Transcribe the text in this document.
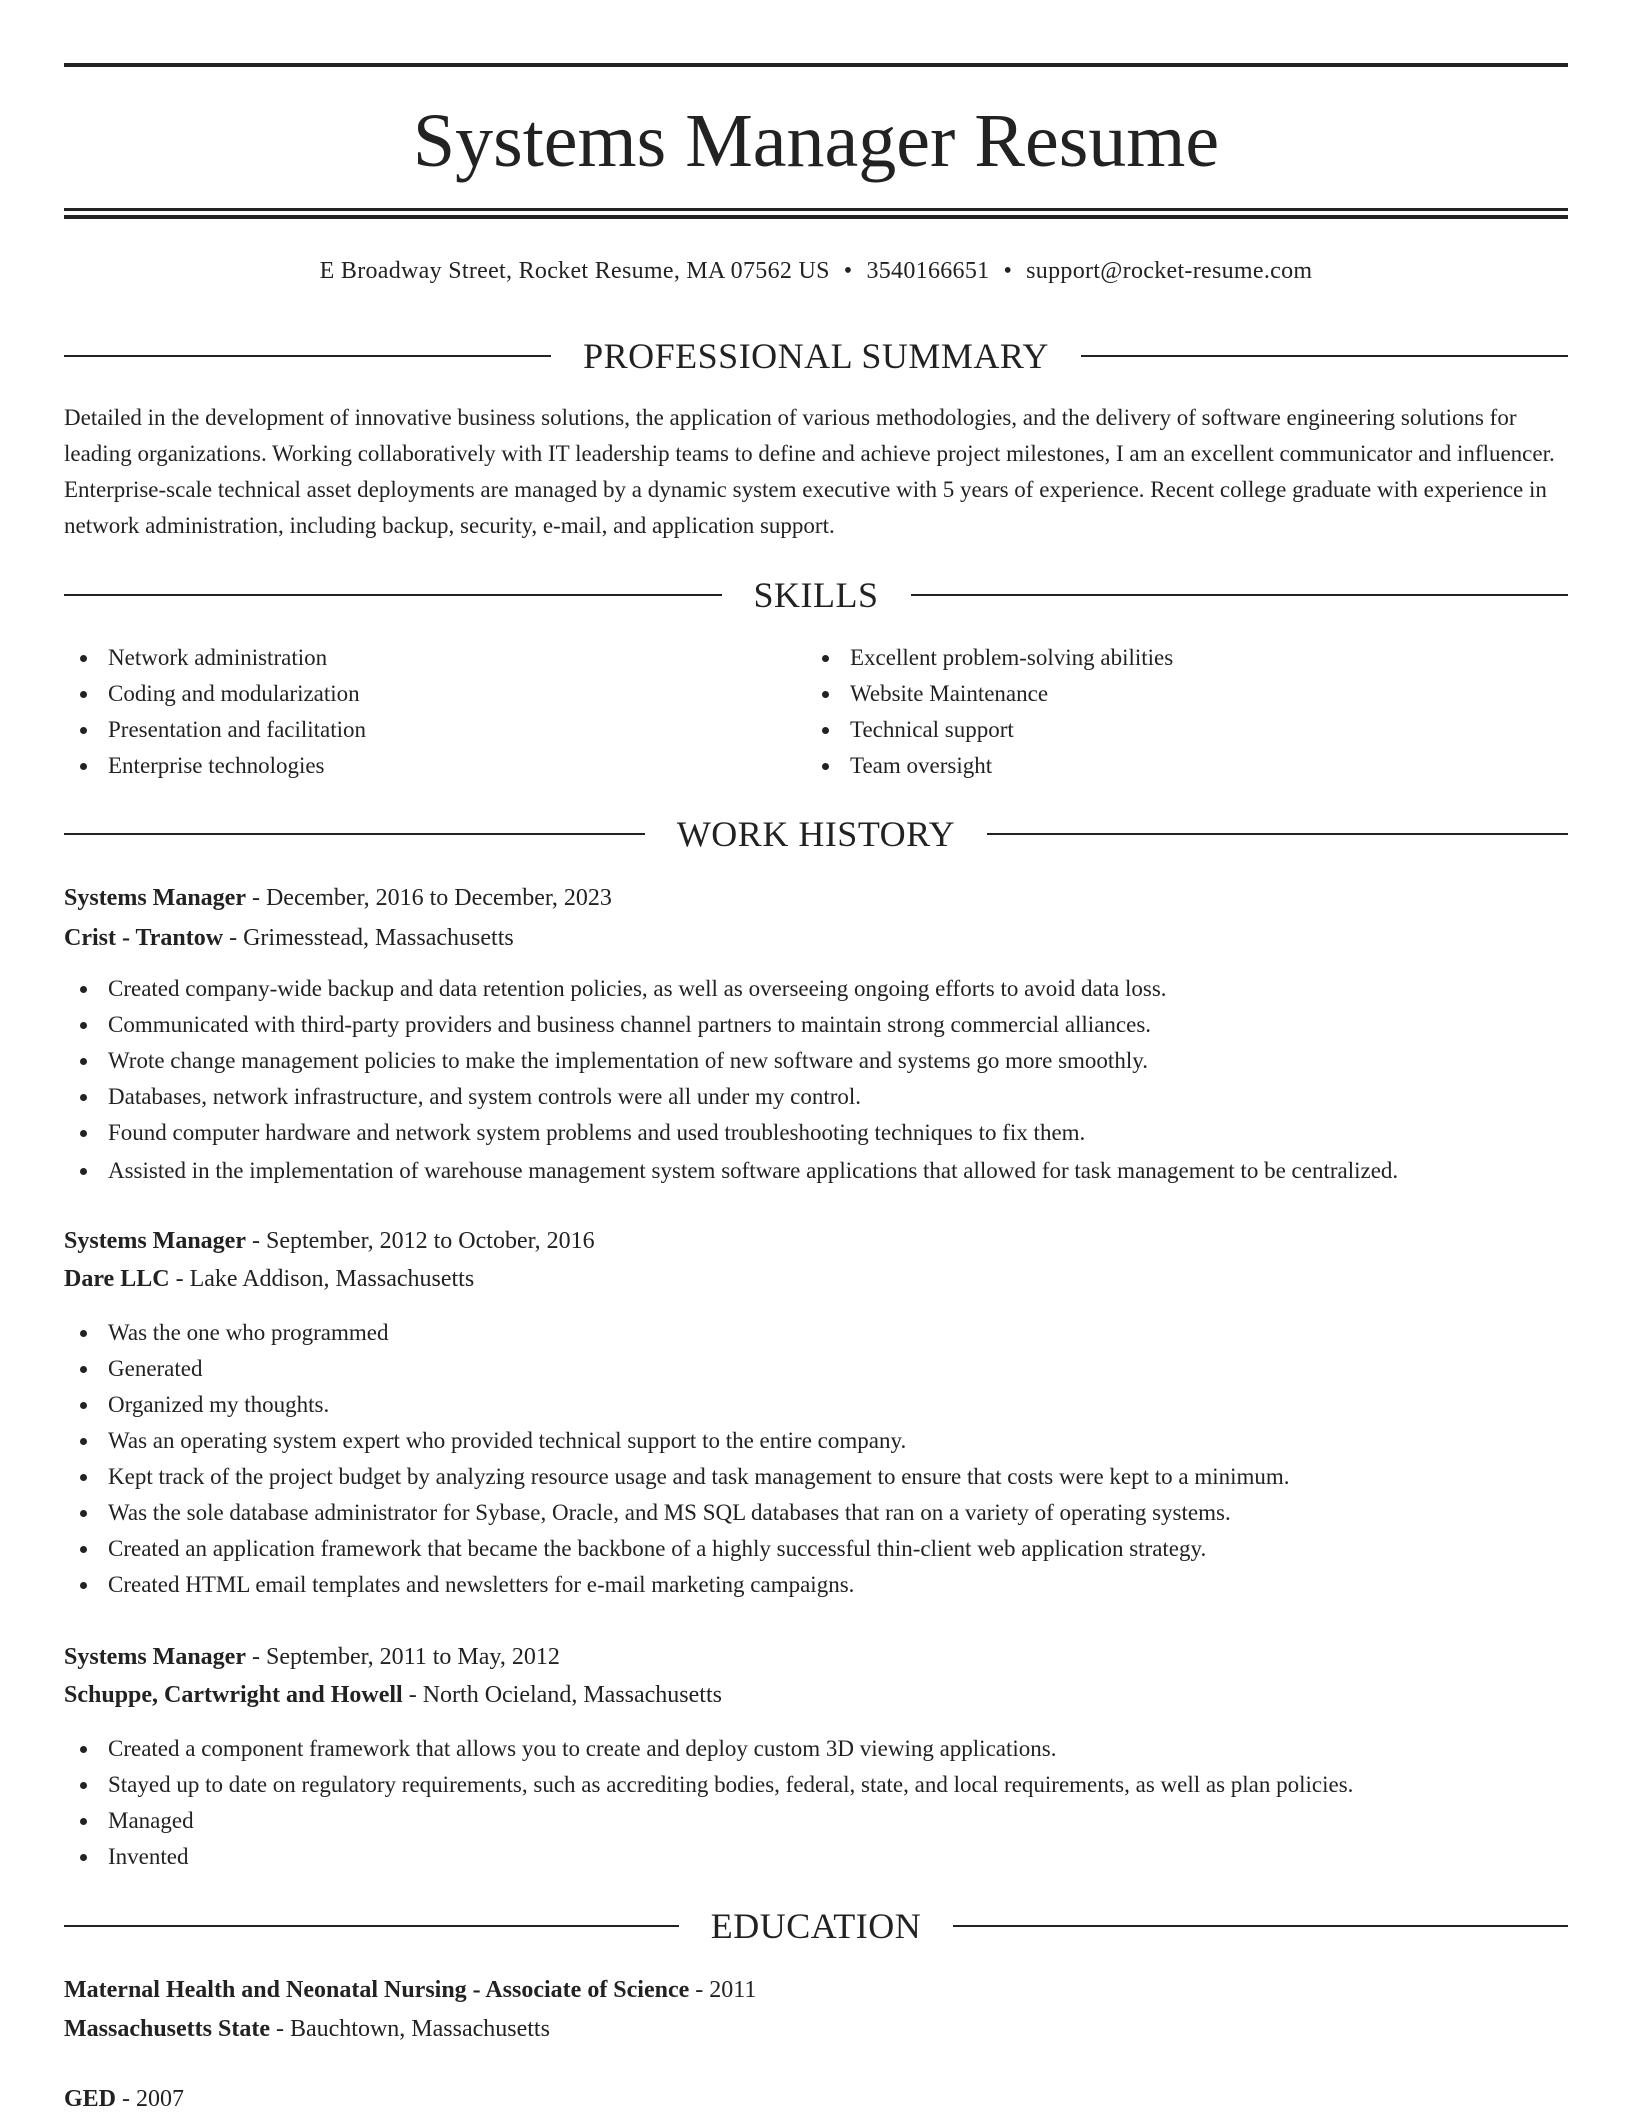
Systems Manager Resume
E Broadway Street, Rocket Resume, MA 07562 US • 3540166651 • support@rocket-resume.com
PROFESSIONAL SUMMARY

Detailed in the development of innovative business solutions, the application of various methodologies, and the delivery of software engineering solutions for leading organizations. Working collaboratively with IT leadership teams to define and achieve project milestones, I am an excellent communicator and influencer. Enterprise-scale technical asset deployments are managed by a dynamic system executive with 5 years of experience. Recent college graduate with experience in network administration, including backup, security, e-mail, and application support.

SKILLS
Network administration
Coding and modularization
Presentation and facilitation
Enterprise technologies
Excellent problem-solving abilities
Website Maintenance
Technical support
Team oversight
WORK HISTORY
Systems Manager - December, 2016 to December, 2023
Crist - Trantow - Grimesstead, Massachusetts
Created company-wide backup and data retention policies, as well as overseeing ongoing efforts to avoid data loss.
Communicated with third-party providers and business channel partners to maintain strong commercial alliances.
Wrote change management policies to make the implementation of new software and systems go more smoothly.
Databases, network infrastructure, and system controls were all under my control.
Found computer hardware and network system problems and used troubleshooting techniques to fix them.
Assisted in the implementation of warehouse management system software applications that allowed for task management to be centralized.
Systems Manager - September, 2012 to October, 2016
Dare LLC - Lake Addison, Massachusetts
Was the one who programmed
Generated
Organized my thoughts.
Was an operating system expert who provided technical support to the entire company.
Kept track of the project budget by analyzing resource usage and task management to ensure that costs were kept to a minimum.
Was the sole database administrator for Sybase, Oracle, and MS SQL databases that ran on a variety of operating systems.
Created an application framework that became the backbone of a highly successful thin-client web application strategy.
Created HTML email templates and newsletters for e-mail marketing campaigns.
Systems Manager - September, 2011 to May, 2012
Schuppe, Cartwright and Howell - North Ocieland, Massachusetts
Created a component framework that allows you to create and deploy custom 3D viewing applications.
Stayed up to date on regulatory requirements, such as accrediting bodies, federal, state, and local requirements, as well as plan policies.
Managed
Invented
EDUCATION
Maternal Health and Neonatal Nursing - Associate of Science - 2011
Massachusetts State - Bauchtown, Massachusetts
GED - 2007
